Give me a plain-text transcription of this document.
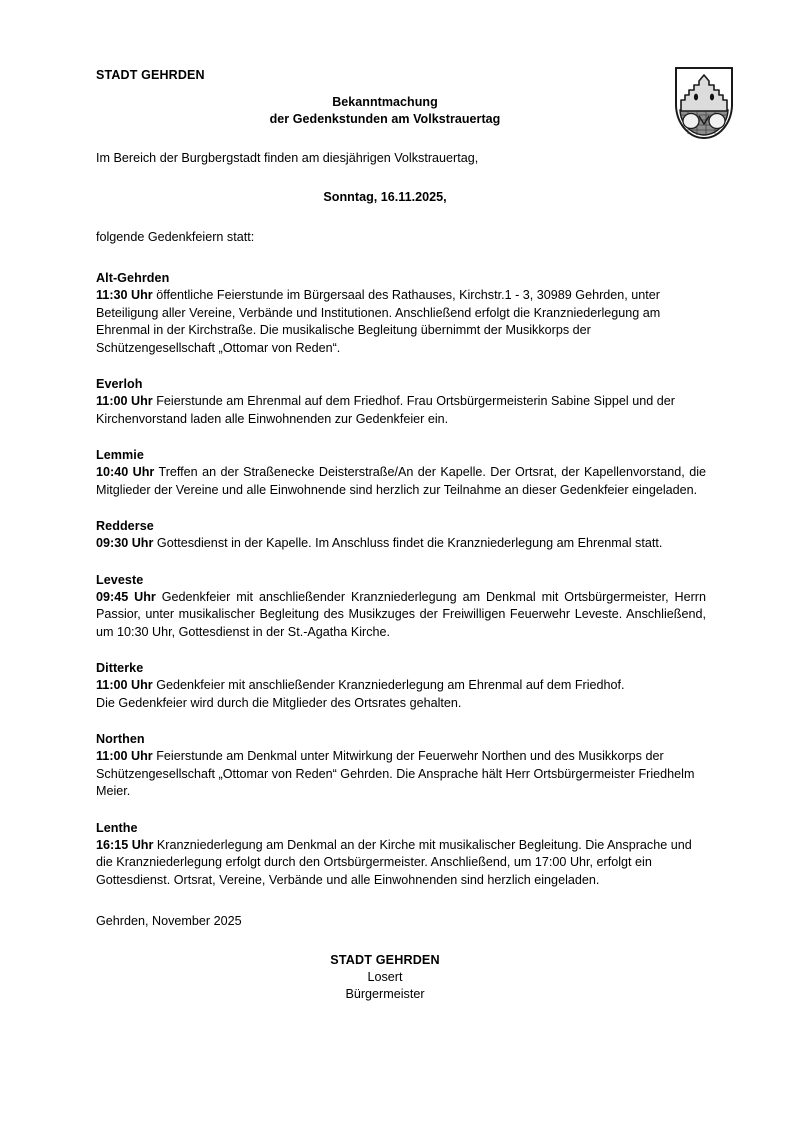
STADT GEHRDEN
Bekanntmachung
der Gedenkstunden am Volkstrauertag

Im Bereich der Burgbergstadt finden am diesjährigen Volkstrauertag,

Sonntag, 16.11.2025,

folgende Gedenkfeiern statt:

Alt-Gehrden
11:30 Uhr öffentliche Feierstunde im Bürgersaal des Rathauses, Kirchstr.1 - 3, 30989 Gehrden, unter Beteiligung aller Vereine, Verbände und Institutionen. Anschließend erfolgt die Kranzniederlegung am Ehrenmal in der Kirchstraße. Die musikalische Begleitung übernimmt der Musikkorps der Schützengesellschaft „Ottomar von Reden“.
Everloh
11:00 Uhr Feierstunde am Ehrenmal auf dem Friedhof. Frau Ortsbürgermeisterin Sabine Sippel und der Kirchenvorstand laden alle Einwohnenden zur Gedenkfeier ein.
Lemmie
10:40 Uhr Treffen an der Straßenecke Deisterstraße/An der Kapelle. Der Ortsrat, der Kapellenvorstand, die Mitglieder der Vereine und alle Einwohnende sind herzlich zur Teilnahme an dieser Gedenkfeier eingeladen.
Redderse
09:30 Uhr Gottesdienst in der Kapelle. Im Anschluss findet die Kranzniederlegung am Ehrenmal statt.
Leveste
09:45 Uhr Gedenkfeier mit anschließender Kranzniederlegung am Denkmal mit Ortsbürgermeister, Herrn Passior, unter musikalischer Begleitung des Musikzuges der Freiwilligen Feuerwehr Leveste. Anschließend, um 10:30 Uhr, Gottesdienst in der St.-Agatha Kirche.
Ditterke
11:00 Uhr Gedenkfeier mit anschließender Kranzniederlegung am Ehrenmal auf dem Friedhof.
Die Gedenkfeier wird durch die Mitglieder des Ortsrates gehalten.
Northen
11:00 Uhr Feierstunde am Denkmal unter Mitwirkung der Feuerwehr Northen und des Musikkorps der Schützengesellschaft „Ottomar von Reden“ Gehrden. Die Ansprache hält Herr Ortsbürgermeister Friedhelm Meier.
Lenthe
16:15 Uhr Kranzniederlegung am Denkmal an der Kirche mit musikalischer Begleitung. Die Ansprache und die Kranzniederlegung erfolgt durch den Ortsbürgermeister. Anschließend, um 17:00 Uhr, erfolgt ein Gottesdienst. Ortsrat, Vereine, Verbände und alle Einwohnenden sind herzlich eingeladen.

Gehrden, November 2025

STADT GEHRDEN
Losert
Bürgermeister
